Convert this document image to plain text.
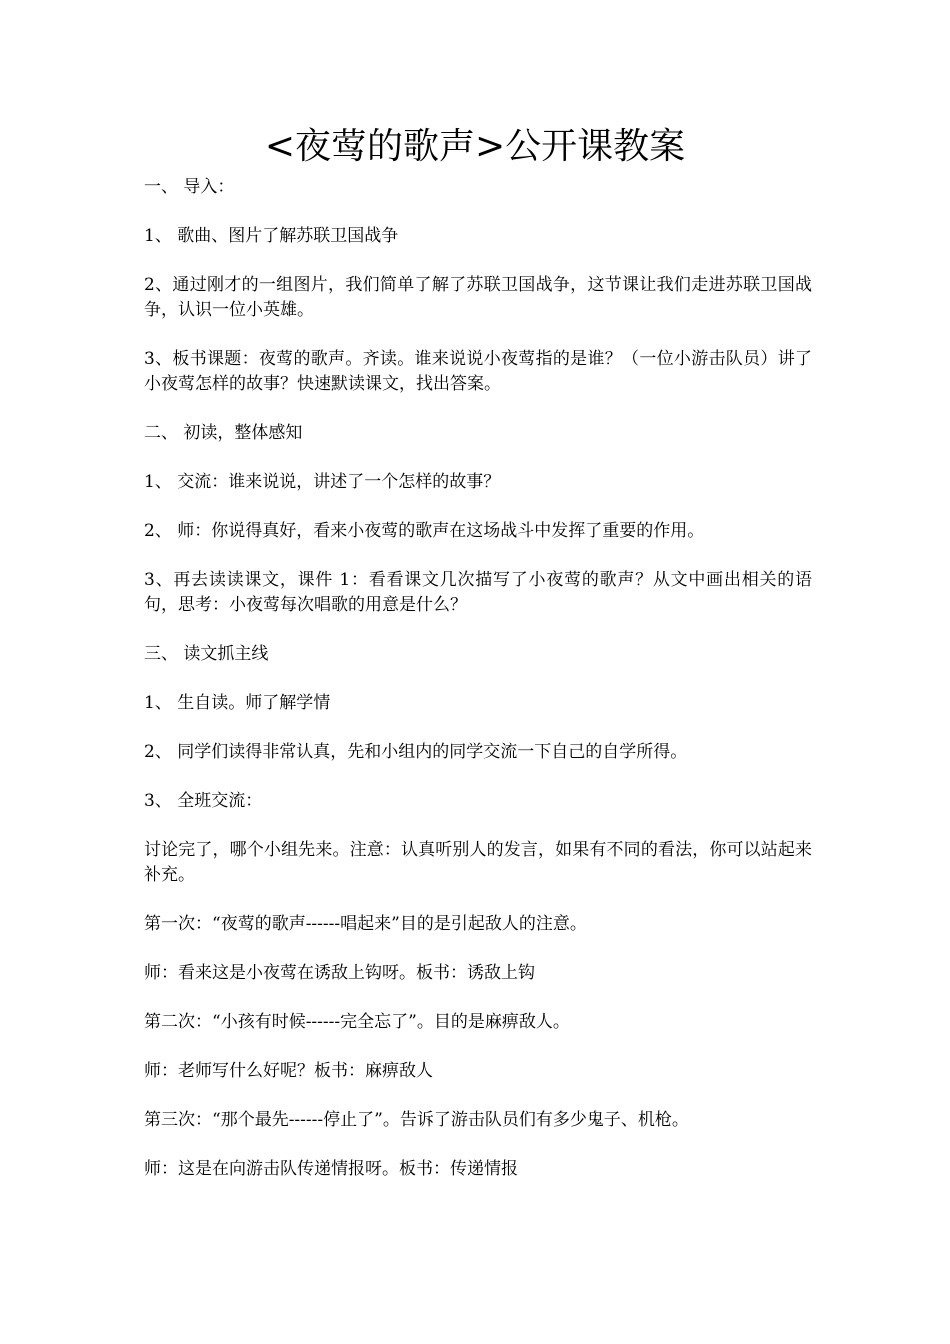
<夜莺的歌声>公开课教案

一、 导入：

1、 歌曲、图片了解苏联卫国战争

2、通过刚才的一组图片，我们简单了解了苏联卫国战争，这节课让我们走进苏联卫国战争，认识一位小英雄。

3、板书课题：夜莺的歌声。齐读。谁来说说小夜莺指的是谁？（一位小游击队员）讲了小夜莺怎样的故事？快速默读课文，找出答案。

二、 初读，整体感知

1、 交流：谁来说说，讲述了一个怎样的故事？

2、 师：你说得真好，看来小夜莺的歌声在这场战斗中发挥了重要的作用。

3、再去读读课文，课件 1：看看课文几次描写了小夜莺的歌声？从文中画出相关的语句，思考：小夜莺每次唱歌的用意是什么？

三、 读文抓主线

1、 生自读。师了解学情

2、 同学们读得非常认真，先和小组内的同学交流一下自己的自学所得。

3、 全班交流：

讨论完了，哪个小组先来。注意：认真听别人的发言，如果有不同的看法，你可以站起来补充。

第一次：“夜莺的歌声------唱起来”目的是引起敌人的注意。

师：看来这是小夜莺在诱敌上钩呀。板书：诱敌上钩

第二次：“小孩有时候------完全忘了”。目的是麻痹敌人。

师：老师写什么好呢？板书：麻痹敌人

第三次：“那个最先------停止了”。告诉了游击队员们有多少鬼子、机枪。

师：这是在向游击队传递情报呀。板书：传递情报
